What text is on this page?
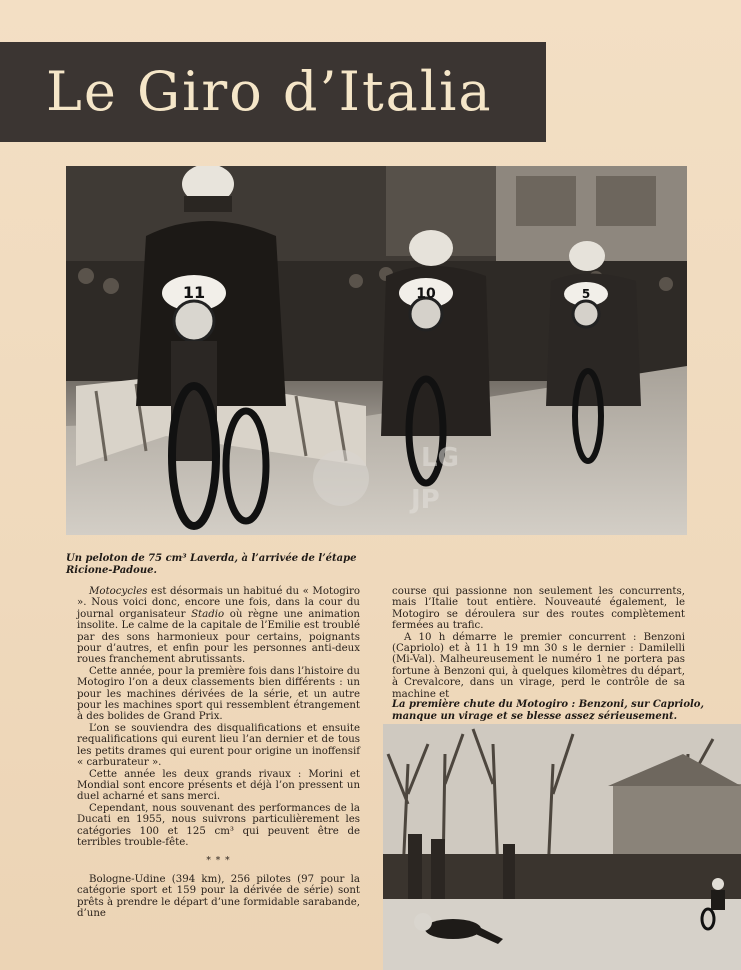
Le Giro d’Italia
11	10	5
LG
JP
Un peloton de 75 cm³ Laverda, à l’arrivée de l’étape Ricione-Padoue.

Motocycles est désormais un habitué du « Motogiro ». Nous voici donc, encore une fois, dans la cour du journal organisateur Stadio où règne une animation insolite. Le calme de la capitale de l’Emilie est troublé par des sons harmonieux pour certains, poignants pour d’autres, et enfin pour les personnes anti-deux roues franchement abrutissants.

Cette année, pour la première fois dans l’histoire du Motogiro l’on a deux classements bien différents : un pour les machines dérivées de la série, et un autre pour les machines sport qui ressemblent étrangement à des bolides de Grand Prix.

L’on se souviendra des disqualifications et ensuite requalifications qui eurent lieu l’an dernier et de tous les petits drames qui eurent pour origine un inoffensif « carburateur ».

Cette année les deux grands rivaux : Morini et Mondial sont encore présents et déjà l’on pressent un duel acharné et sans merci.

Cependant, nous souvenant des performances de la Ducati en 1955, nous suivrons particulièrement les catégories 100 et 125 cm³ qui peuvent être de terribles trouble-fête.

* * *

Bologne-Udine (394 km), 256 pilotes (97 pour la catégorie sport et 159 pour la dérivée de série) sont prêts à prendre le départ d’une formidable sarabande, d’une

course qui passionne non seulement les concurrents, mais l’Italie tout entière. Nouveauté également, le Motogiro se déroulera sur des routes complètement fermées au trafic.

A 10 h démarre le premier concurrent : Benzoni (Capriolo) et à 11 h 19 mn 30 s le dernier : Damilelli (Mi-Val). Malheureusement le numéro 1 ne portera pas fortune à Benzoni qui, à quelques kilomètres du départ, à Crevalcore, dans un virage, perd le contrôle de sa machine et

La première chute du Motogiro : Benzoni, sur Capriolo, manque un virage et se blesse assez sérieusement.
